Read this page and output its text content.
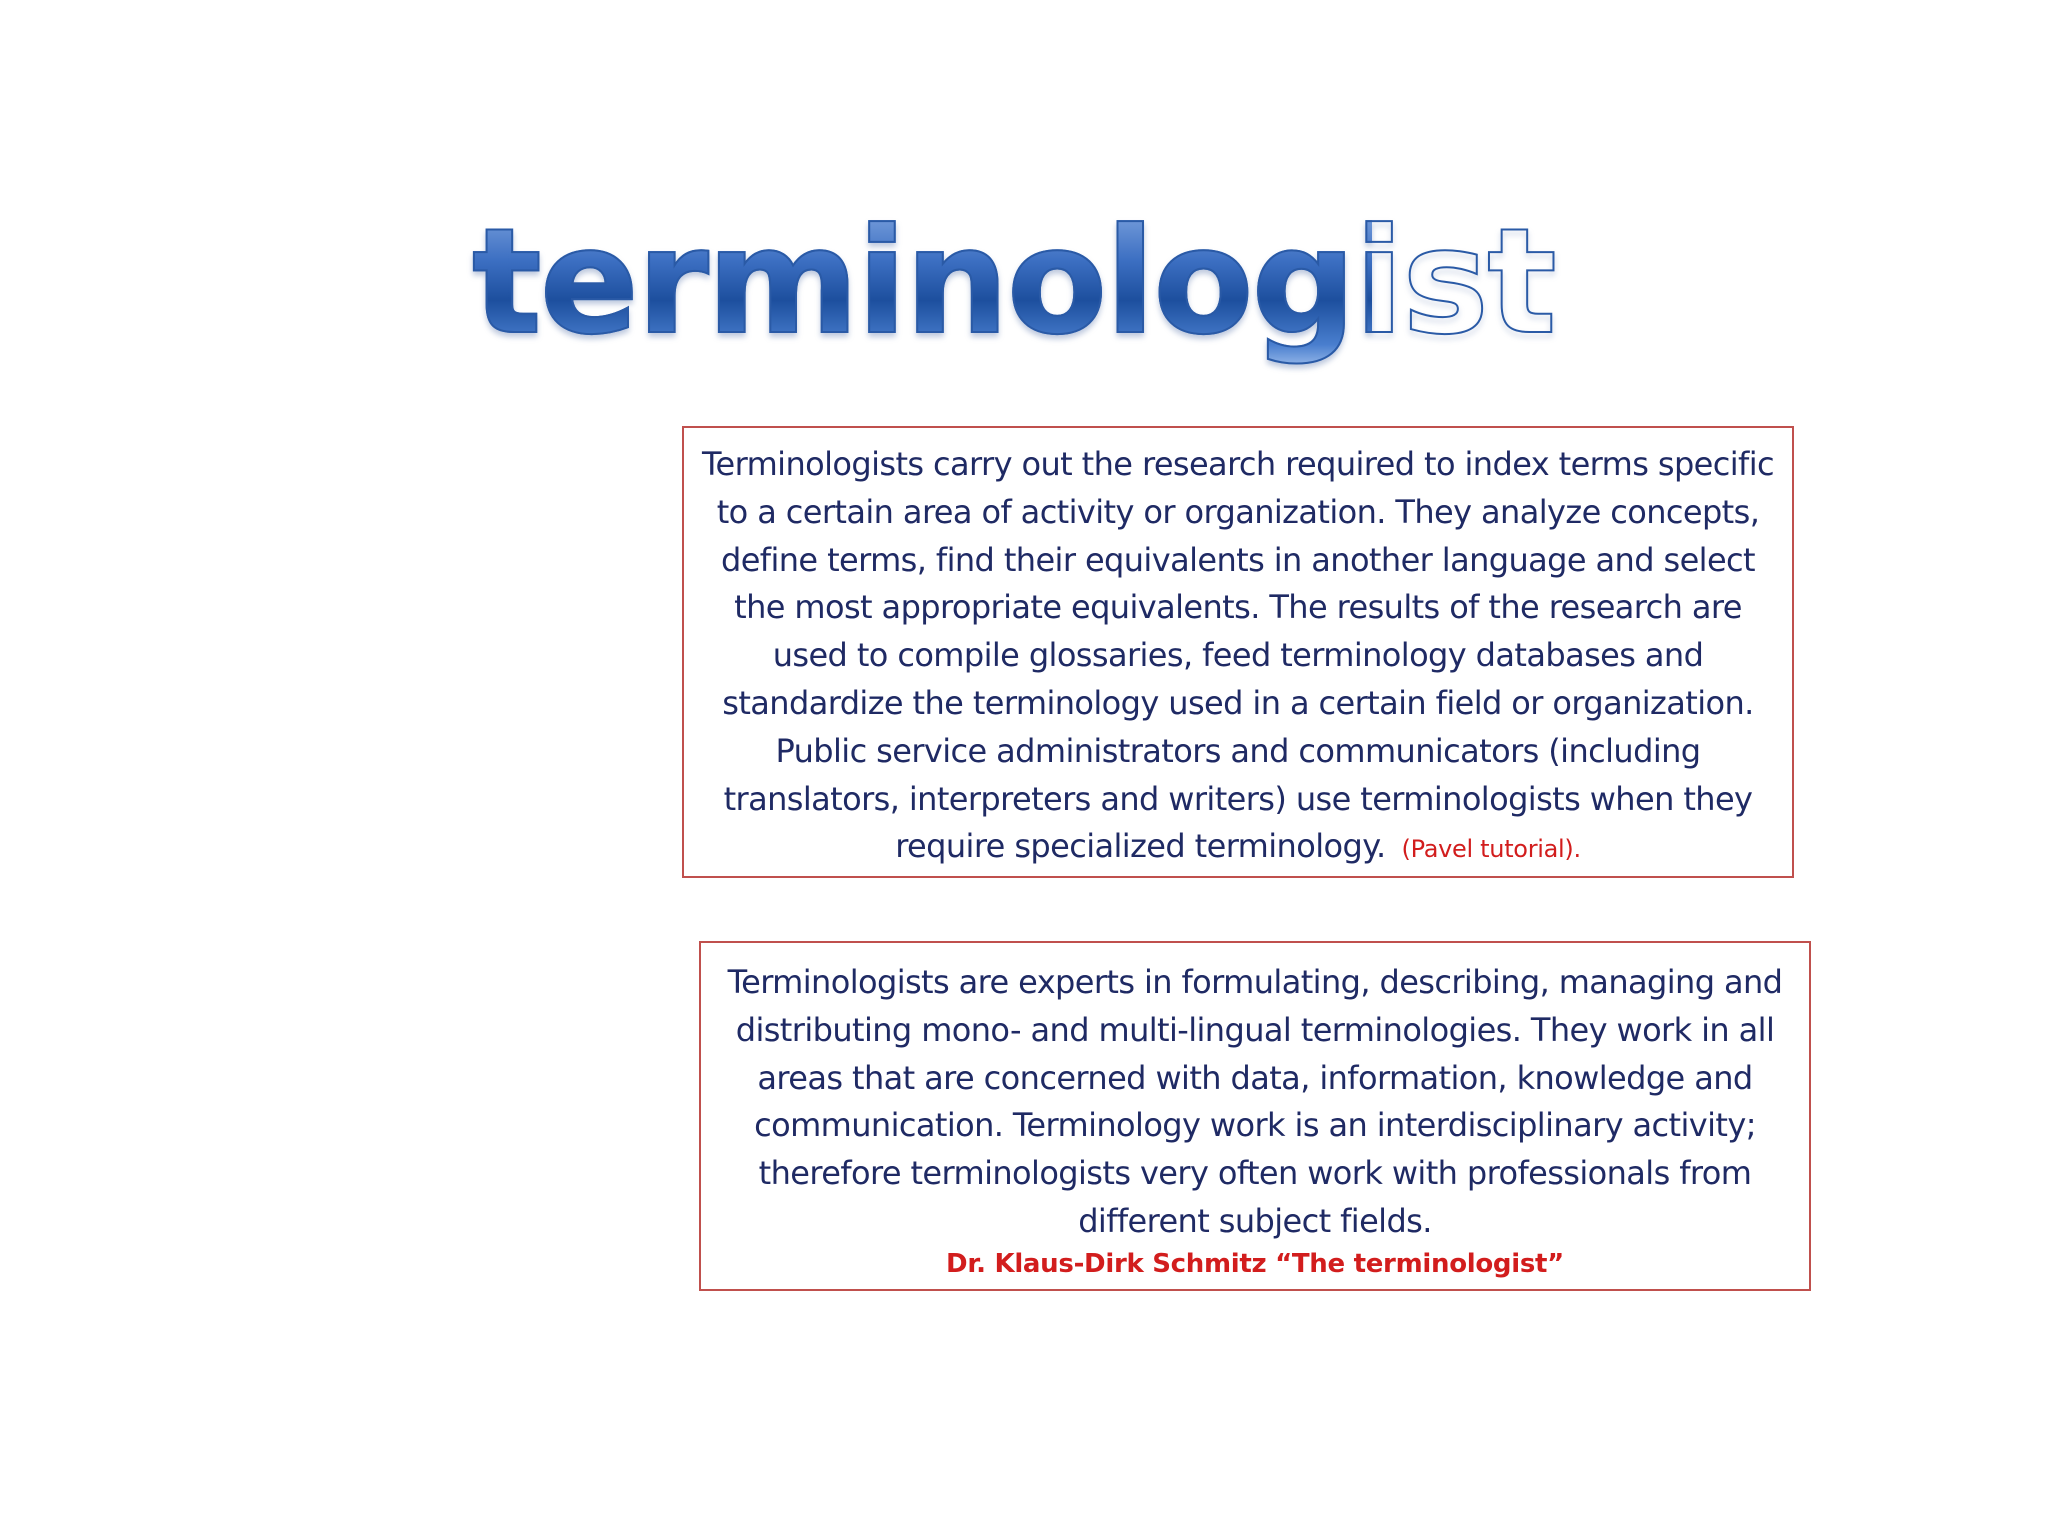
terminologist

Terminologists carry out the research required to index terms specific to a certain area of activity or organization. They analyze concepts, define terms, find their equivalents in another language and select the most appropriate equivalents. The results of the research are used to compile glossaries, feed terminology databases and standardize the terminology used in a certain field or organization. Public service administrators and communicators (including translators, interpreters and writers) use terminologists when they require specialized terminology. (Pavel tutorial).

Terminologists are experts in formulating, describing, managing and distributing mono- and multi-lingual terminologies. They work in all areas that are concerned with data, information, knowledge and communication. Terminology work is an interdisciplinary activity; therefore terminologists very often work with professionals from different subject fields.

Dr. Klaus-Dirk Schmitz “The terminologist”
